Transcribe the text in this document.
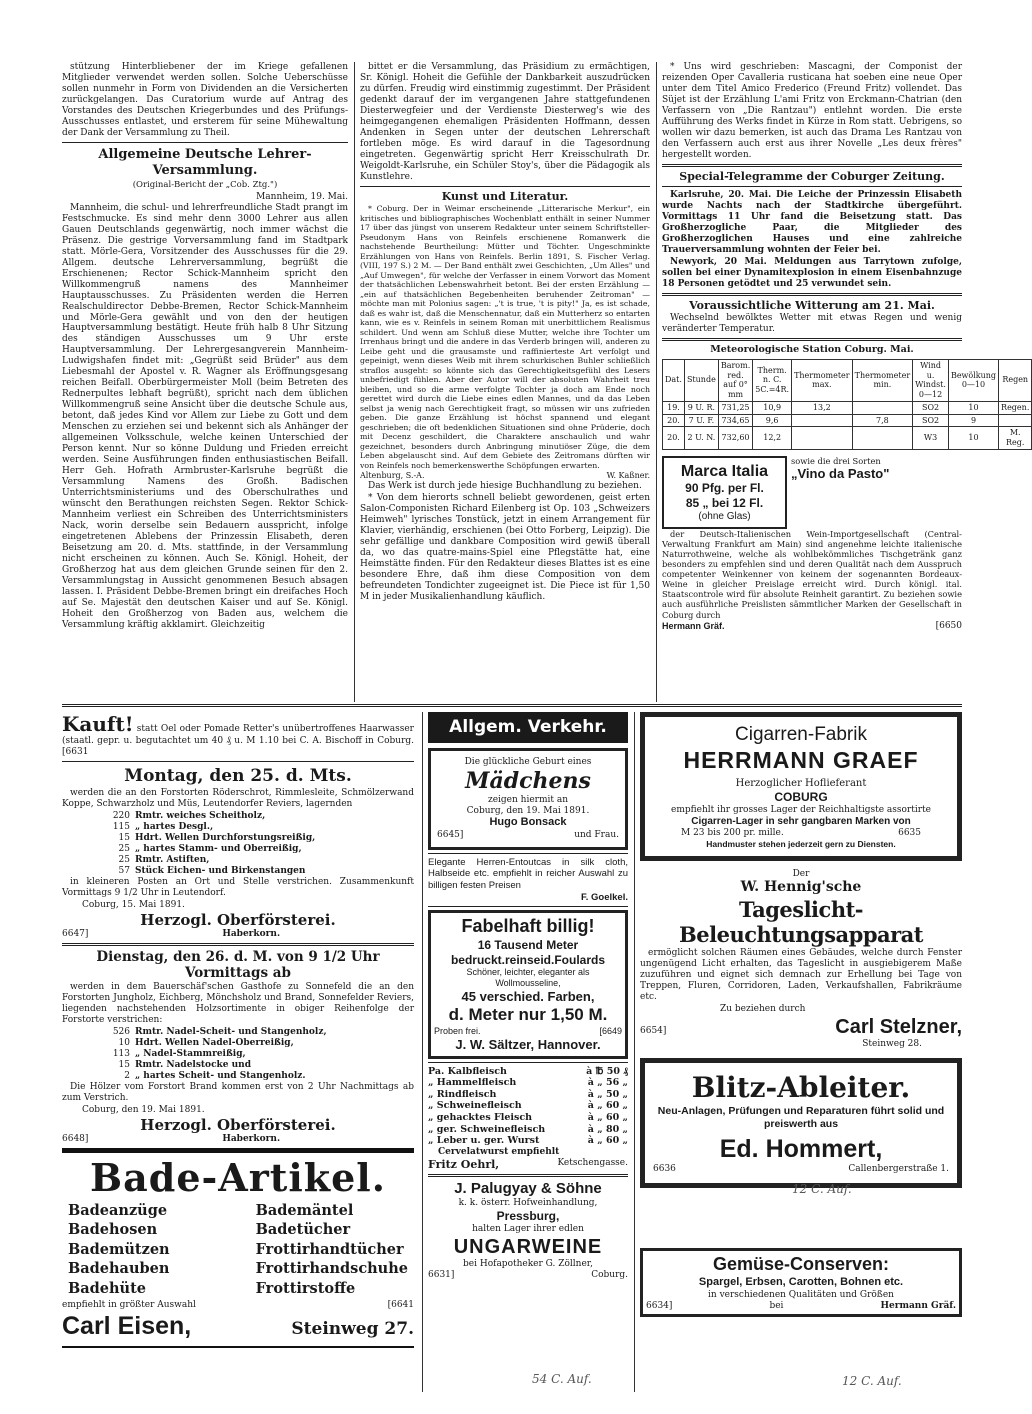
stützung Hinterbliebener der im Kriege gefallenen Mitglieder verwendet werden sollen. Solche Ueberschüsse sollen nunmehr in Form von Dividenden an die Versicherten zurückgelangen. Das Curatorium wurde auf Antrag des Vorstandes des Deutschen Kriegerbundes und des Prüfungs-Ausschusses entlastet, und ersterem für seine Mühewaltung der Dank der Versammlung zu Theil.

Allgemeine Deutsche Lehrer-Versammlung.
(Original-Bericht der „Cob. Ztg.")
Mannheim, 19. Mai.

Mannheim, die schul- und lehrerfreundliche Stadt prangt im Festschmucke. Es sind mehr denn 3000 Lehrer aus allen Gauen Deutschlands gegenwärtig, noch immer wächst die Präsenz. Die gestrige Vorversammlung fand im Stadtpark statt. Mörle-Gera, Vorsitzender des Ausschusses für die 29. Allgem. deutsche Lehrerversammlung, begrüßt die Erschienenen; Rector Schick-Mannheim spricht den Willkommengruß namens des Mannheimer Hauptausschusses. Zu Präsidenten werden die Herren Realschuldirector Debbe-Bremen, Rector Schick-Mannheim und Mörle-Gera gewählt und von den der heutigen Hauptversammlung bestätigt. Heute früh halb 8 Uhr Sitzung des ständigen Ausschusses um 9 Uhr erste Hauptversammlung. Der Lehrergesangverein Mannheim-Ludwigshafen findet mit: „Gegrüßt seid Brüder" aus dem Liebesmahl der Apostel v. R. Wagner als Eröffnungsgesang reichen Beifall. Oberbürgermeister Moll (beim Betreten des Rednerpultes lebhaft begrüßt), spricht nach dem üblichen Willkommengruß seine Ansicht über die deutsche Schule aus, betont, daß jedes Kind vor Allem zur Liebe zu Gott und dem Menschen zu erziehen sei und bekennt sich als Anhänger der allgemeinen Volksschule, welche keinen Unterschied der Person kennt. Nur so könne Duldung und Frieden erreicht werden. Seine Ausführungen finden enthusiastischen Beifall. Herr Geh. Hofrath Armbruster-Karlsruhe begrüßt die Versammlung Namens des Großh. Badischen Unterrichtsministeriums und des Oberschulrathes und wünscht den Berathungen reichsten Segen. Rektor Schick-Mannheim verliest ein Schreiben des Unterrichtsministers Nack, worin derselbe sein Bedauern ausspricht, infolge eingetretenen Ablebens der Prinzessin Elisabeth, deren Beisetzung am 20. d. Mts. stattfinde, in der Versammlung nicht erscheinen zu können. Auch Se. Königl. Hoheit, der Großherzog hat aus dem gleichen Grunde seinen für den 2. Versammlungstag in Aussicht genommenen Besuch absagen lassen. I. Präsident Debbe-Bremen bringt ein dreifaches Hoch auf Se. Majestät den deutschen Kaiser und auf Se. Königl. Hoheit den Großherzog von Baden aus, welchem die Versammlung kräftig akklamirt. Gleichzeitig

bittet er die Versammlung, das Präsidium zu ermächtigen, Sr. Königl. Hoheit die Gefühle der Dankbarkeit auszudrücken zu dürfen. Freudig wird einstimmig zugestimmt. Der Präsident gedenkt darauf der im vergangenen Jahre stattgefundenen Diesterwegfeier und der Verdienste Diesterweg's wie des heimgegangenen ehemaligen Präsidenten Hoffmann, dessen Andenken in Segen unter der deutschen Lehrerschaft fortleben möge. Es wird darauf in die Tagesordnung eingetreten. Gegenwärtig spricht Herr Kreisschulrath Dr. Weigoldt-Karlsruhe, ein Schüler Stoy's, über die Pädagogik als Kunstlehre.

Kunst und Literatur.

* Coburg. Der in Weimar erscheinende „Litterarische Merkur", ein kritisches und bibliographisches Wochenblatt enthält in seiner Nummer 17 über das jüngst von unserem Redakteur unter seinem Schriftsteller-Pseudonym Hans von Reinfels erschienene Romanwerk die nachstehende Beurtheilung: Mütter und Töchter. Ungeschminkte Erzählungen von Hans von Reinfels. Berlin 1891, S. Fischer Verlag. (VIII, 197 S.) 2 M. — Der Band enthält zwei Geschichten, „Um Alles" und „Auf Umwegen", für welche der Verfasser in einem Vorwort das Moment der thatsächlichen Lebenswahrheit betont. Bei der ersten Erzählung — „ein auf thatsächlichen Begebenheiten beruhender Zeitroman" — möchte man mit Polonius sagen: „'t is true, 't is pity!" Ja, es ist schade, daß es wahr ist, daß die Menschennatur, daß ein Mutterherz so entarten kann, wie es v. Reinfels in seinem Roman mit unerbittlichem Realismus schildert. Und wenn am Schluß diese Mutter, welche ihre Tochter um Irrenhaus bringt und die andere in das Verderb bringen will, anderen zu Leibe geht und die grausamste und raffinierteste Art verfolgt und gepeinigt, wenn dieses Weib mit ihrem schurkischen Buhler schließlich straflos ausgeht: so könnte sich das Gerechtigkeitsgefühl des Lesers unbefriedigt fühlen. Aber der Autor will der absoluten Wahrheit treu bleiben, und so die arme verfolgte Tochter ja doch am Ende noch gerettet wird durch die Liebe eines edlen Mannes, und da das Leben selbst ja wenig nach Gerechtigkeit fragt, so müssen wir uns zufrieden geben. Die ganze Erzählung ist höchst spannend und elegant geschrieben; die oft bedenklichen Situationen sind ohne Prüderie, doch mit Decenz geschildert, die Charaktere anschaulich und wahr gezeichnet, besonders durch Anbringung minutiöser Züge, die dem Leben abgelauscht sind. Auf dem Gebiete des Zeitromans dürften wir von Reinfels noch bemerkenswerthe Schöpfungen erwarten.

Altenburg, S.-A.	W. Kaßner.

Das Werk ist durch jede hiesige Buchhandlung zu beziehen.

* Von dem hierorts schnell beliebt gewordenen, geist erten Salon-Componisten Richard Eilenberg ist Op. 103 „Schweizers Heimweh" lyrisches Tonstück, jetzt in einem Arrangement für Klavier, vierhändig, erschienen (bei Otto Forberg, Leipzig). Die sehr gefällige und dankbare Composition wird gewiß überall da, wo das quatre-mains-Spiel eine Pflegstätte hat, eine Heimstätte finden. Für den Redakteur dieses Blattes ist es eine besondere Ehre, daß ihm diese Composition von dem befreundeten Tondichter zugeeignet ist. Die Piece ist für 1,50 M in jeder Musikalienhandlung käuflich.

* Uns wird geschrieben: Mascagni, der Componist der reizenden Oper Cavalleria rusticana hat soeben eine neue Oper unter dem Titel Amico Frederico (Freund Fritz) vollendet. Das Süjet ist der Erzählung L'ami Fritz von Erckmann-Chatrian (den Verfassern von „Die Rantzau") entlehnt worden. Die erste Aufführung des Werks findet in Kürze in Rom statt. Uebrigens, so wollen wir dazu bemerken, ist auch das Drama Les Rantzau von den Verfassern auch erst aus ihrer Novelle „Les deux frères" hergestellt worden.

Special-Telegramme der Coburger Zeitung.

Karlsruhe, 20. Mai. Die Leiche der Prinzessin Elisabeth wurde Nachts nach der Stadtkirche übergeführt. Vormittags 11 Uhr fand die Beisetzung statt. Das Großherzogliche Paar, die Mitglieder des Großherzoglichen Hauses und eine zahlreiche Trauerversammlung wohnten der Feier bei.

Newyork, 20 Mai. Meldungen aus Tarrytown zufolge, sollen bei einer Dynamitexplosion in einem Eisenbahnzuge 18 Personen getödtet und 25 verwundet sein.

Voraussichtliche Witterung am 21. Mai.

Wechselnd bewölktes Wetter mit etwas Regen und wenig veränderter Temperatur.

Meteorologische Station Coburg. Mai.
Dat.	Stunde	Barom. red. auf 0° mm	Therm. n. C. 5C.=4R.	Thermometer max.	Thermometer min.	Wind u. Windst. 0—12	Bewölkung 0—10	Regen
19.	9 U. R.	731,25	10,9	13,2		SO2	10	Regen.
20.	7 U. F.	734,65	9,6		7,8	SO2	9	
20.	2 U. N.	732,60	12,2			W3	10	M. Reg.
Marca Italia
90 Pfg. per Fl.
85 „ bei 12 Fl.
(ohne Glas)
sowie die drei Sorten
„Vino da Pasto"

der Deutsch-Italienischen Wein-Importgesellschaft (Central-Verwaltung Frankfurt am Main) sind angenehme leichte italienische Naturrothweine, welche als wohlbekömmliches Tischgetränk ganz besonders zu empfehlen sind und deren Qualität nach dem Ausspruch competenter Weinkenner von keinem der sogenannten Bordeaux-Weine in gleicher Preislage erreicht wird. Durch königl. ital. Staatscontrole wird für absolute Reinheit garantirt. Zu beziehen sowie auch ausführliche Preislisten sämmtlicher Marken der Gesellschaft in Coburg durch

Hermann Gräf.	[6650
Kauft! statt Oel oder Pomade Retter's unübertroffenes Haarwasser (staatl. gepr. u. begutachtet um 40 ₰ u. M 1.10 bei C. A. Bischoff in Coburg. [6631
Montag, den 25. d. Mts.

werden die an den Forstorten Röderschrot, Rimmlesleite, Schmölzerwand Koppe, Schwarzholz und Müs, Leutendorfer Reviers, lagernden

220 Rmtr. weiches Scheitholz,
115 „ hartes Desgl.,
15 Hdrt. Wellen Durchforstungsreißig,
25 „ hartes Stamm- und Oberreißig,
25 Rmtr. Astiften,
57 Stück Eichen- und Birkenstangen

in kleineren Posten an Ort und Stelle verstrichen. Zusammenkunft Vormittags 9 1/2 Uhr in Leutendorf.

Coburg, 15. Mai 1891.
Herzogl. Oberförsterei.
6647]	Haberkorn.
Dienstag, den 26. d. M. von 9 1/2 Uhr Vormittags ab

werden in dem Bauerschäf'schen Gasthofe zu Sonnefeld die an den Forstorten Jungholz, Eichberg, Mönchsholz und Brand, Sonnefelder Reviers, liegenden nachstehenden Holzsortimente in obiger Reihenfolge der Forstorte verstrichen:

526 Rmtr. Nadel-Scheit- und Stangenholz,
10 Hdrt. Wellen Nadel-Oberreißig,
113 „ Nadel-Stammreißig,
15 Rmtr. Nadelstocke und
2 „ hartes Scheit- und Stangenholz.

Die Hölzer vom Forstort Brand kommen erst von 2 Uhr Nachmittags ab zum Verstrich.

Coburg, den 19. Mai 1891.
Herzogl. Oberförsterei.
6648]	Haberkorn.
Bade-Artikel.
Badeanzüge
Badehosen
Bademützen
Badehauben
Badehüte
Bademäntel
Badetücher
Frottirhandtücher
Frottirhandschuhe
Frottirstoffe
empfiehlt in größter Auswahl	[6641
Carl Eisen,	Steinweg 27.
Allgem. Verkehr.
Die glückliche Geburt eines
Mädchens
zeigen hiermit an
Coburg, den 19. Mai 1891.
Hugo Bonsack
6645]	und Frau.
Elegante Herren-Entoutcas in silk cloth, Halbseide etc. empfiehlt in reicher Auswahl zu billigen festen Preisen
F. Goelkel.
Fabelhaft billig!
16 Tausend Meter
bedruckt.reinseid.Foulards
Schöner, leichter, eleganter als Wollmousseline,
45 verschied. Farben,
d. Meter nur 1,50 M.
Proben frei.	[6649
J. W. Sältzer, Hannover.
Pa. Kalbfleisch	à ℔ 50 ₰
„ Hammelfleisch	à „ 56 „
„ Rindfleisch	à „ 50 „
„ Schweinefleisch	à „ 60 „
„ gehacktes Fleisch	à „ 60 „
„ ger. Schweinefleisch	à „ 80 „
„ Leber u. ger. Wurst	à „ 60 „
Cervelatwurst empfiehlt
Fritz Oehrl,	Ketschengasse.
J. Palugyay & Söhne
k. k. österr. Hofweinhandlung,
Pressburg,
halten Lager ihrer edlen
UNGARWEINE
bei Hofapotheker G. Zöllner,
6631]	Coburg.
Cigarren-Fabrik
HERRMANN GRAEF
Herzoglicher Hoflieferant
COBURG
empfiehlt ihr grosses Lager der Reichhaltigste assortirte
Cigarren-Lager in sehr gangbaren Marken von
M 23 bis 200 pr. mille.	6635
Handmuster stehen jederzeit gern zu Diensten.
Der
W. Hennig'sche
Tageslicht-Beleuchtungsapparat

ermöglicht solchen Räumen eines Gebäudes, welche durch Fenster ungenügend Licht erhalten, das Tageslicht in ausgiebigerem Maße zuzuführen und eignet sich demnach zur Erhellung bei Tage von Treppen, Fluren, Corridoren, Laden, Verkaufshallen, Fabrikräume etc.

Zu beziehen durch
6654]	Carl Stelzner,
Steinweg 28.
Blitz-Ableiter.
Neu-Anlagen, Prüfungen und Reparaturen führt solid und preiswerth aus
Ed. Hommert,
6636	Callenbergerstraße 1.
Gemüse-Conserven:
Spargel, Erbsen, Carotten, Bohnen etc.
in verschiedenen Qualitäten und Größen
6634]	bei	Hermann Gräf.
12 C. Auf.
54 C. Auf.	12 C. Auf.
